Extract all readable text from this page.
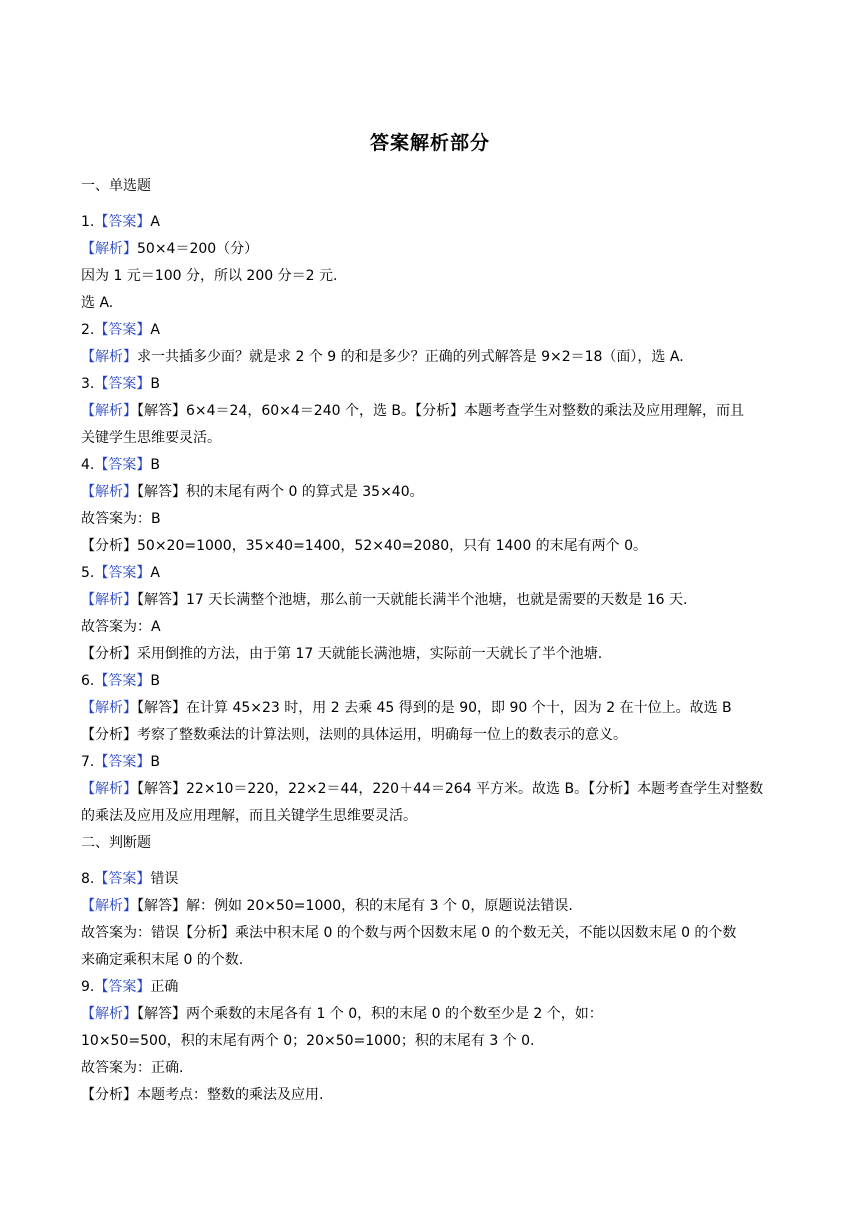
答案解析部分
一、单选题
1.【答案】A
【解析】50×4＝200（分）
因为 1 元＝100 分，所以 200 分＝2 元.
选 A.
2.【答案】A
【解析】求一共插多少面？就是求 2 个 9 的和是多少？正确的列式解答是 9×2＝18（面），选 A.
3.【答案】B
【解析】【解答】6×4＝24，60×4＝240 个，选 B。【分析】本题考查学生对整数的乘法及应用理解，而且
关键学生思维要灵活。
4.【答案】B
【解析】【解答】积的末尾有两个 0 的算式是 35×40。
故答案为：B
【分析】50×20=1000，35×40=1400，52×40=2080，只有 1400 的末尾有两个 0。
5.【答案】A
【解析】【解答】17 天长满整个池塘，那么前一天就能长满半个池塘，也就是需要的天数是 16 天.
故答案为：A
【分析】采用倒推的方法，由于第 17 天就能长满池塘，实际前一天就长了半个池塘.
6.【答案】B
【解析】【解答】在计算 45×23 时，用 2 去乘 45 得到的是 90，即 90 个十，因为 2 在十位上。故选 B
【分析】考察了整数乘法的计算法则，法则的具体运用，明确每一位上的数表示的意义。
7.【答案】B
【解析】【解答】22×10＝220，22×2＝44，220＋44＝264 平方米。故选 B。【分析】本题考查学生对整数
的乘法及应用及应用理解，而且关键学生思维要灵活。
二、判断题
8.【答案】错误
【解析】【解答】解：例如 20×50=1000，积的末尾有 3 个 0，原题说法错误.
故答案为：错误【分析】乘法中积末尾 0 的个数与两个因数末尾 0 的个数无关，不能以因数末尾 0 的个数
来确定乘积末尾 0 的个数.
9.【答案】正确
【解析】【解答】两个乘数的末尾各有 1 个 0，积的末尾 0 的个数至少是 2 个，如：
10×50=500，积的末尾有两个 0；20×50=1000；积的末尾有 3 个 0.
故答案为：正确.
【分析】本题考点：整数的乘法及应用.
